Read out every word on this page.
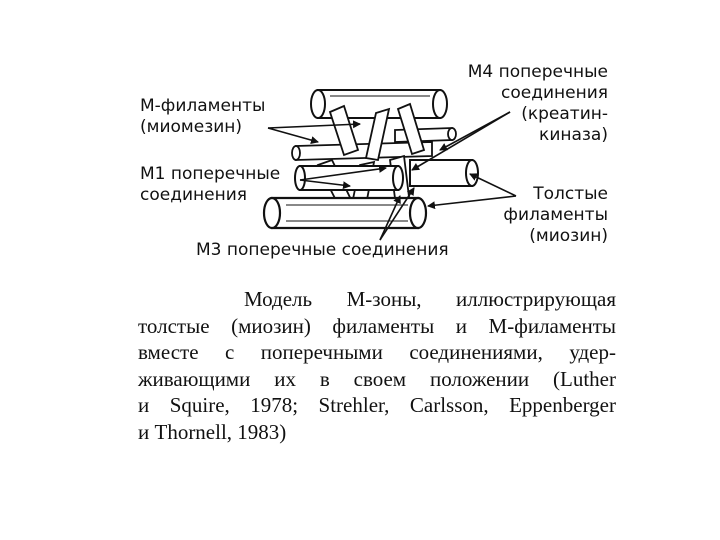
М-филаменты
(миомезин)
М1 поперечные
соединения
М3 поперечные соединения
М4 поперечные
соединения
(креатин-
киназа)
Толстые
филаменты
(миозин)
Модель М-зоны, иллюстрирующая
толстые (миозин) филаменты и М-филаменты
вместе с поперечными соединениями, удер-
живающими их в своем положении (Luther
и Squire, 1978; Strehler, Carlsson, Eppenberger
и Thornell, 1983)
